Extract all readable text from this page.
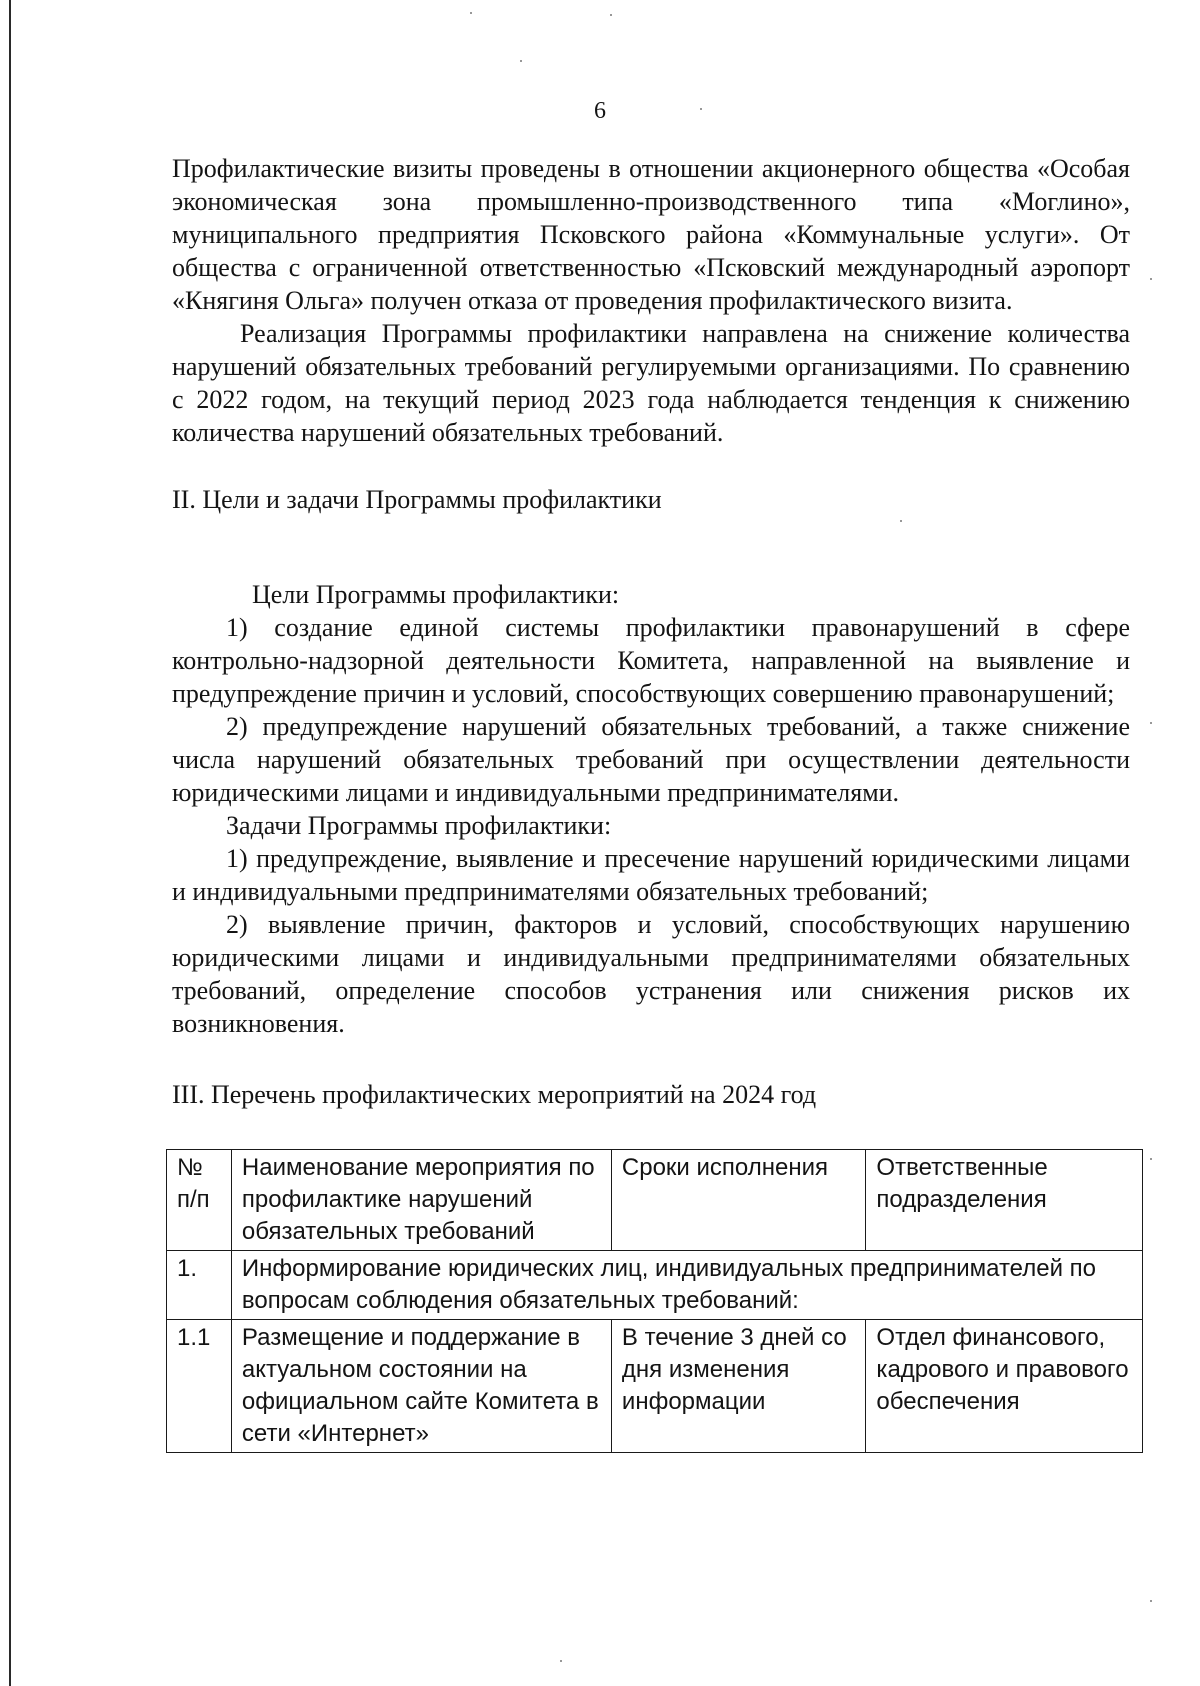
6

Профилактические визиты проведены в отношении акционерного общества «Особая экономическая зона промышленно-производственного типа «Моглино», муниципального предприятия Псковского района «Коммунальные услуги». От общества с ограниченной ответственностью «Псковский международный аэропорт «Княгиня Ольга» получен отказа от проведения профилактического визита.

Реализация Программы профилактики направлена на снижение количества нарушений обязательных требований регулируемыми организациями. По сравнению с 2022 годом, на текущий период 2023 года наблюдается тенденция к снижению количества нарушений обязательных требований.

II. Цели и задачи Программы профилактики

Цели Программы профилактики:

1) создание единой системы профилактики правонарушений в сфере контрольно-надзорной деятельности Комитета, направленной на выявление и предупреждение причин и условий, способствующих совершению правонарушений;

2) предупреждение нарушений обязательных требований, а также снижение числа нарушений обязательных требований при осуществлении деятельности юридическими лицами и индивидуальными предпринимателями.

Задачи Программы профилактики:

1) предупреждение, выявление и пресечение нарушений юридическими лицами и индивидуальными предпринимателями обязательных требований;

2) выявление причин, факторов и условий, способствующих нарушению юридическими лицами и индивидуальными предпринимателями обязательных требований, определение способов устранения или снижения рисков их возникновения.

III. Перечень профилактических мероприятий на 2024 год

№ п/п	Наименование мероприятия по профилактике нарушений обязательных требований	Сроки исполнения	Ответственные подразделения
1.	Информирование юридических лиц, индивидуальных предпринимателей по вопросам соблюдения обязательных требований:		
1.1	Размещение и поддержание в актуальном состоянии на официальном сайте Комитета в сети «Интернет»	В течение 3 дней со дня изменения информации	Отдел финансового, кадрового и правового обеспечения
